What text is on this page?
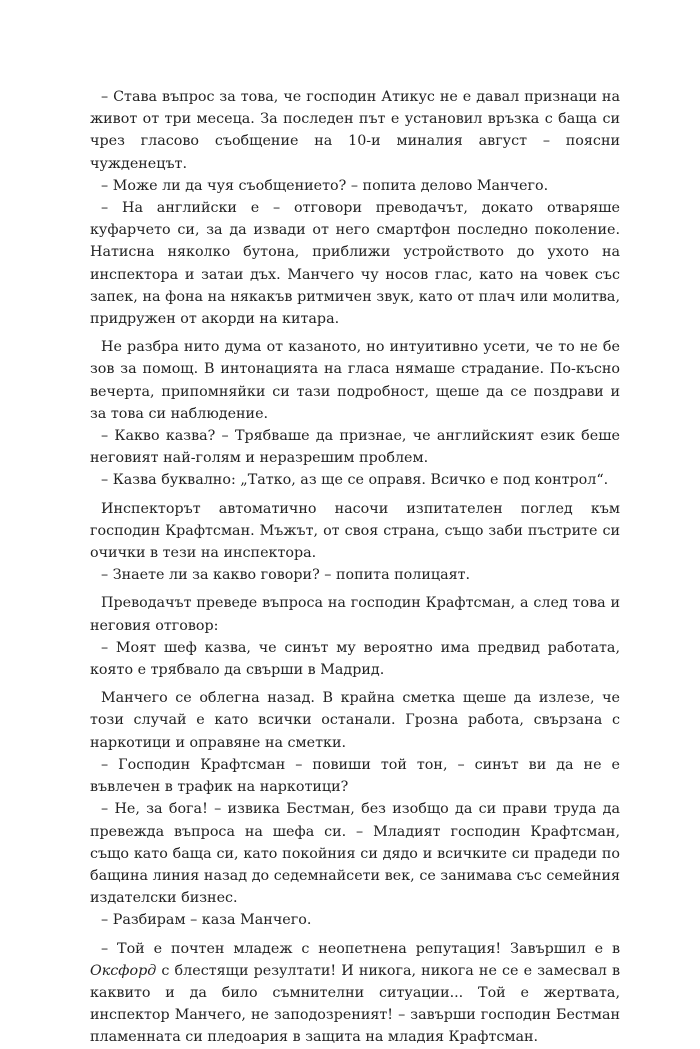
– Става въпрос за това, че господин Атикус не е давал признаци на живот от три месеца. За последен път е установил връзка с баща си чрез гласово съобщение на 10-и миналия август – поясни чужденецът.

– Може ли да чуя съобщението? – попита делово Манчего.

– На английски е – отговори преводачът, докато отваряше куфарчето си, за да извади от него смартфон последно поколение. Натисна няколко бутона, приближи устройството до ухото на инспектора и затаи дъх. Манчего чу носов глас, като на човек със запек, на фона на някакъв ритмичен звук, като от плач или молитва, придружен от акорди на китара.

Не разбра нито дума от казаното, но интуитивно усети, че то не бе зов за помощ. В интонацията на гласа нямаше страдание. По-късно вечерта, припомняйки си тази подробност, щеше да се поздрави и за това си наблюдение.

– Какво казва? – Трябваше да признае, че английският език беше неговият най-голям и неразрешим проблем.

– Казва буквално: „Татко, аз ще се оправя. Всичко е под контрол“.

Инспекторът автоматично насочи изпитателен поглед към господин Крафтсман. Мъжът, от своя страна, също заби пъстрите си очички в тези на инспектора.

– Знаете ли за какво говори? – попита полицаят.

Преводачът преведе въпроса на господин Крафтсман, а след това и неговия отговор:

– Моят шеф казва, че синът му вероятно има предвид работата, която е трябвало да свърши в Мадрид.

Манчего се облегна назад. В крайна сметка щеше да излезе, че този случай е като всички останали. Грозна работа, свързана с наркотици и оправяне на сметки.

– Господин Крафтсман – повиши той тон, – синът ви да не е въвлечен в трафик на наркотици?

– Не, за бога! – извика Бестман, без изобщо да си прави труда да превежда въпроса на шефа си. – Младият господин Крафтсман, също като баща си, като покойния си дядо и всичките си прадеди по бащина линия назад до седемнайсети век, се занимава със семейния издателски бизнес.

– Разбирам – каза Манчего.

– Той е почтен младеж с неопетнена репутация! Завършил е в Оксфорд с блестящи резултати! И никога, никога не се е замесвал в каквито и да било съмнителни ситуации... Той е жертвата, инспектор Манчего, не заподозреният! – завърши господин Бестман пламенната си пледоария в защита на младия Крафтсман.
